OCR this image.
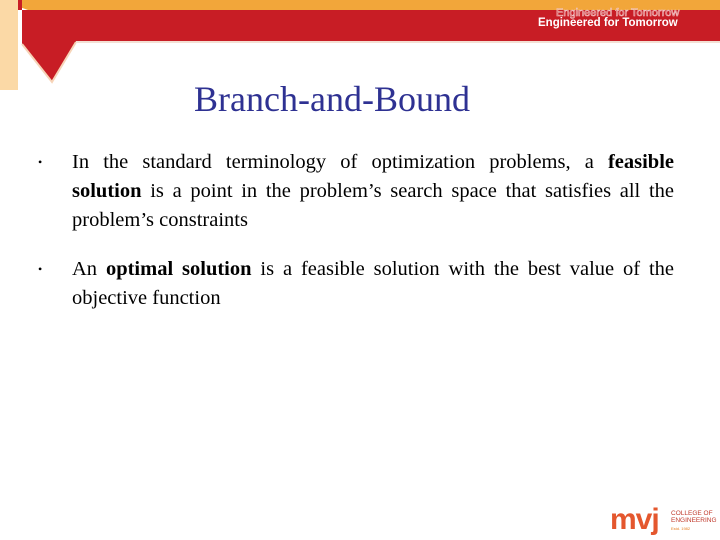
Engineered for Tomorrow
Engineered for Tomorrow
Branch-and-Bound
• In the standard terminology of optimization problems, a feasible solution is a point in the problem’s search space that satisfies all the problem’s constraints
• An optimal solution is a feasible solution with the best value of the objective function
mvj COLLEGE OF
ENGINEERING
Estd. 1982
